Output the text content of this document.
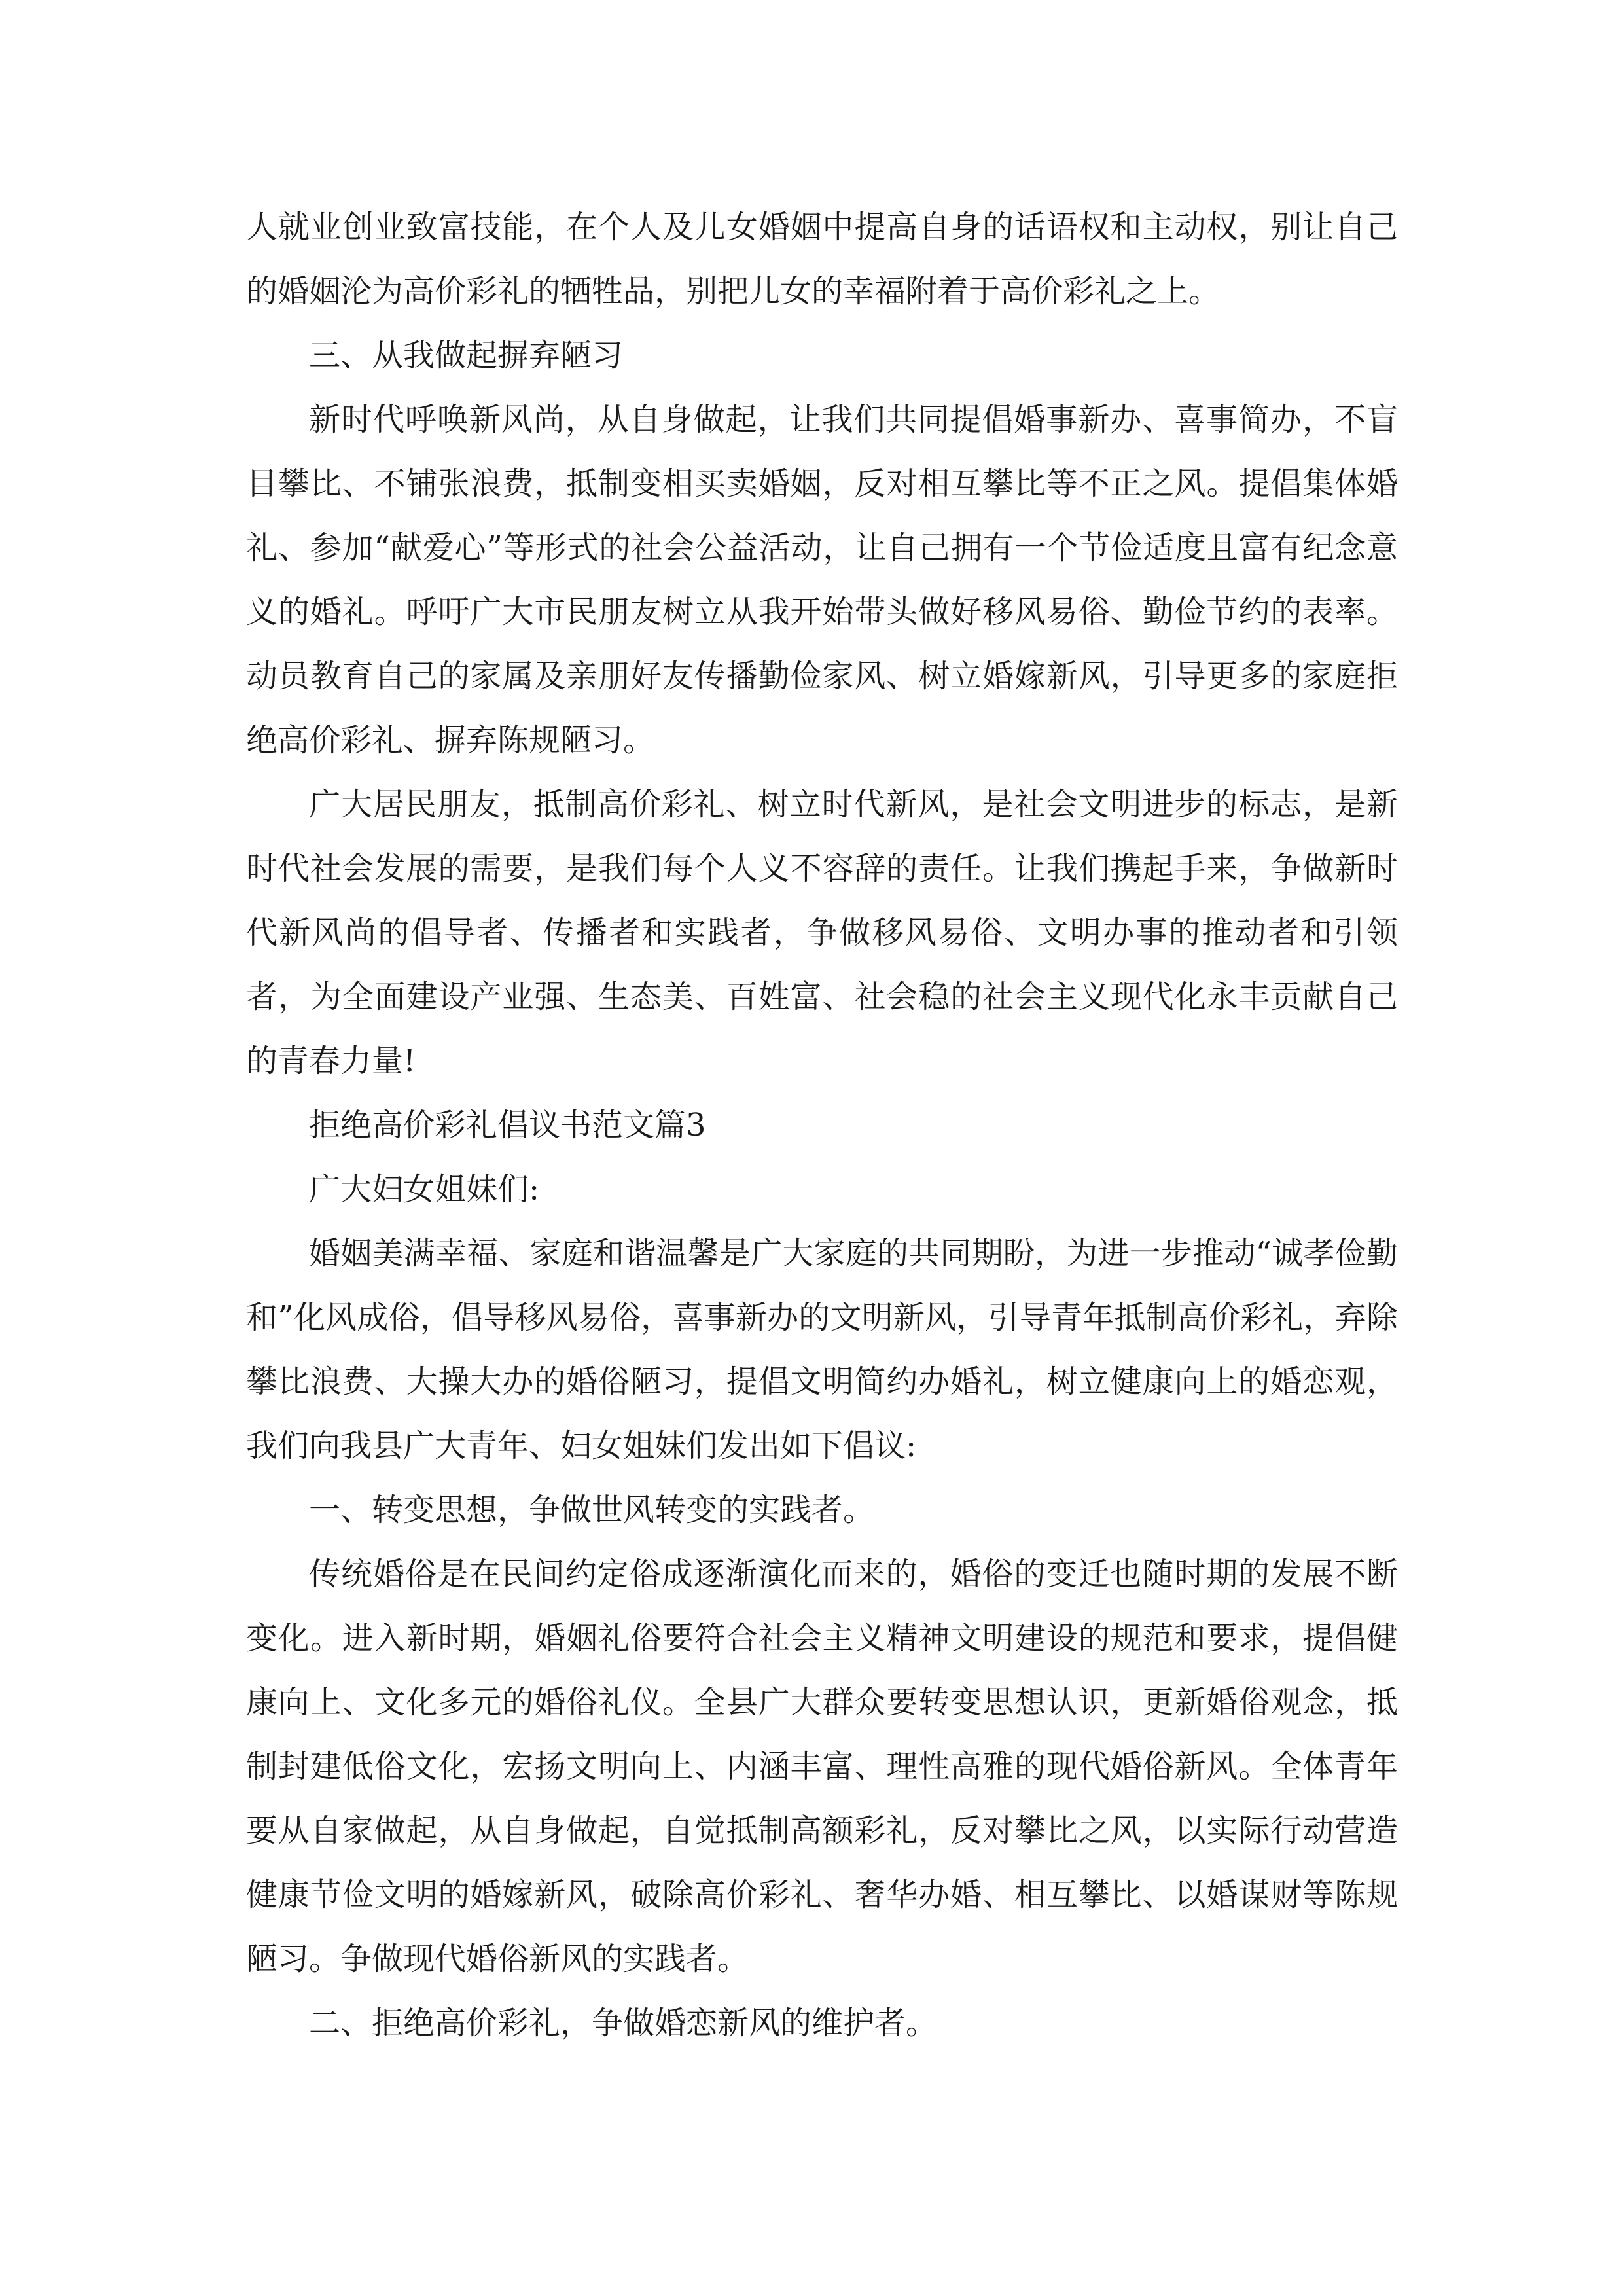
人就业创业致富技能，在个人及儿女婚姻中提高自身的话语权和主动权，别让自己的婚姻沦为高价彩礼的牺牲品，别把儿女的幸福附着于高价彩礼之上。

三、从我做起摒弃陋习

新时代呼唤新风尚，从自身做起，让我们共同提倡婚事新办、喜事简办，不盲目攀比、不铺张浪费，抵制变相买卖婚姻，反对相互攀比等不正之风。提倡集体婚礼、参加“献爱心”等形式的社会公益活动，让自己拥有一个节俭适度且富有纪念意义的婚礼。呼吁广大市民朋友树立从我开始带头做好移风易俗、勤俭节约的表率。动员教育自己的家属及亲朋好友传播勤俭家风、树立婚嫁新风，引导更多的家庭拒绝高价彩礼、摒弃陈规陋习。

广大居民朋友，抵制高价彩礼、树立时代新风，是社会文明进步的标志，是新时代社会发展的需要，是我们每个人义不容辞的责任。让我们携起手来，争做新时代新风尚的倡导者、传播者和实践者，争做移风易俗、文明办事的推动者和引领者，为全面建设产业强、生态美、百姓富、社会稳的社会主义现代化永丰贡献自己的青春力量!

拒绝高价彩礼倡议书范文篇3

广大妇女姐妹们:

婚姻美满幸福、家庭和谐温馨是广大家庭的共同期盼，为进一步推动“诚孝俭勤和”化风成俗，倡导移风易俗，喜事新办的文明新风，引导青年抵制高价彩礼，弃除攀比浪费、大操大办的婚俗陋习，提倡文明简约办婚礼，树立健康向上的婚恋观，我们向我县广大青年、妇女姐妹们发出如下倡议:

一、转变思想，争做世风转变的实践者。

传统婚俗是在民间约定俗成逐渐演化而来的，婚俗的变迁也随时期的发展不断变化。进入新时期，婚姻礼俗要符合社会主义精神文明建设的规范和要求，提倡健康向上、文化多元的婚俗礼仪。全县广大群众要转变思想认识，更新婚俗观念，抵制封建低俗文化，宏扬文明向上、内涵丰富、理性高雅的现代婚俗新风。全体青年要从自家做起，从自身做起，自觉抵制高额彩礼，反对攀比之风，以实际行动营造健康节俭文明的婚嫁新风，破除高价彩礼、奢华办婚、相互攀比、以婚谋财等陈规陋习。争做现代婚俗新风的实践者。

二、拒绝高价彩礼，争做婚恋新风的维护者。
